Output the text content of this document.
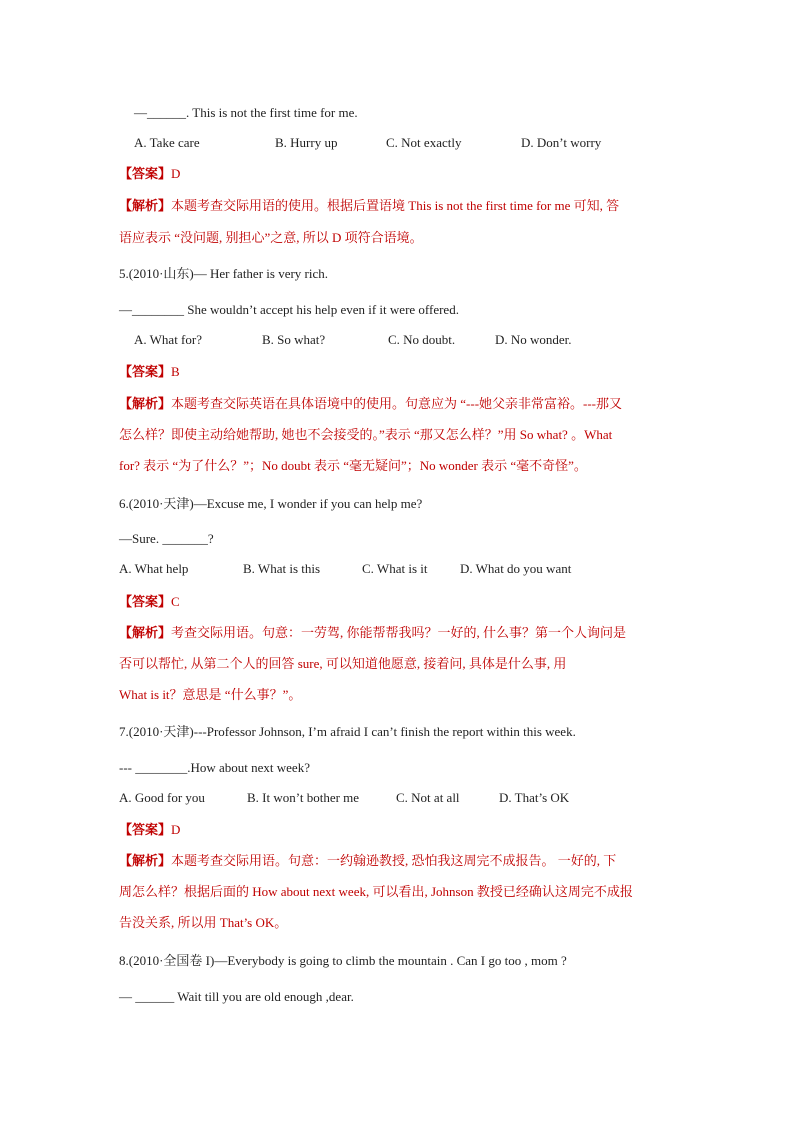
—______. This is not the first time for me.
A. Take care	B. Hurry up	C. Not exactly	D. Don’t worry
【答案】D
【解析】本题考查交际用语的使用。根据后置语境 This is not the first time for me 可知, 答
语应表示 “没问题, 别担心”之意, 所以 D 项符合语境。
5.(2010·山东)— Her father is very rich.
—________ She wouldn’t accept his help even if it were offered.
A. What for?	B. So what?	C. No doubt.	D. No wonder.
【答案】B
【解析】本题考查交际英语在具体语境中的使用。句意应为 “---她父亲非常富裕。---那又
怎么样？即使主动给她帮助, 她也不会接受的。”表示 “那又怎么样？”用 So what? 。What
for? 表示 “为了什么？”；No doubt 表示 “毫无疑问”；No wonder 表示 “毫不奇怪”。
6.(2010·天津)—Excuse me, I wonder if you can help me?
—Sure. _______?
A. What help	B. What is this	C. What is it	D. What do you want
【答案】C
【解析】考查交际用语。句意：一劳驾, 你能帮帮我吗？一好的, 什么事？第一个人询问是
否可以帮忙, 从第二个人的回答 sure, 可以知道他愿意, 接着问, 具体是什么事, 用
What is it？意思是 “什么事？”。
7.(2010·天津)---Professor Johnson, I’m afraid I can’t finish the report within this week.
--- ________.How about next week?
A. Good for you	B. It won’t bother me	C. Not at all	D. That’s OK
【答案】D
【解析】本题考查交际用语。句意：一约翰逊教授, 恐怕我这周完不成报告。 一好的, 下
周怎么样？根据后面的 How about next week, 可以看出, Johnson 教授已经确认这周完不成报
告没关系, 所以用 That’s OK。
8.(2010·全国卷 I)—Everybody is going to climb the mountain . Can I go too , mom ?
— ______ Wait till you are old enough ,dear.
